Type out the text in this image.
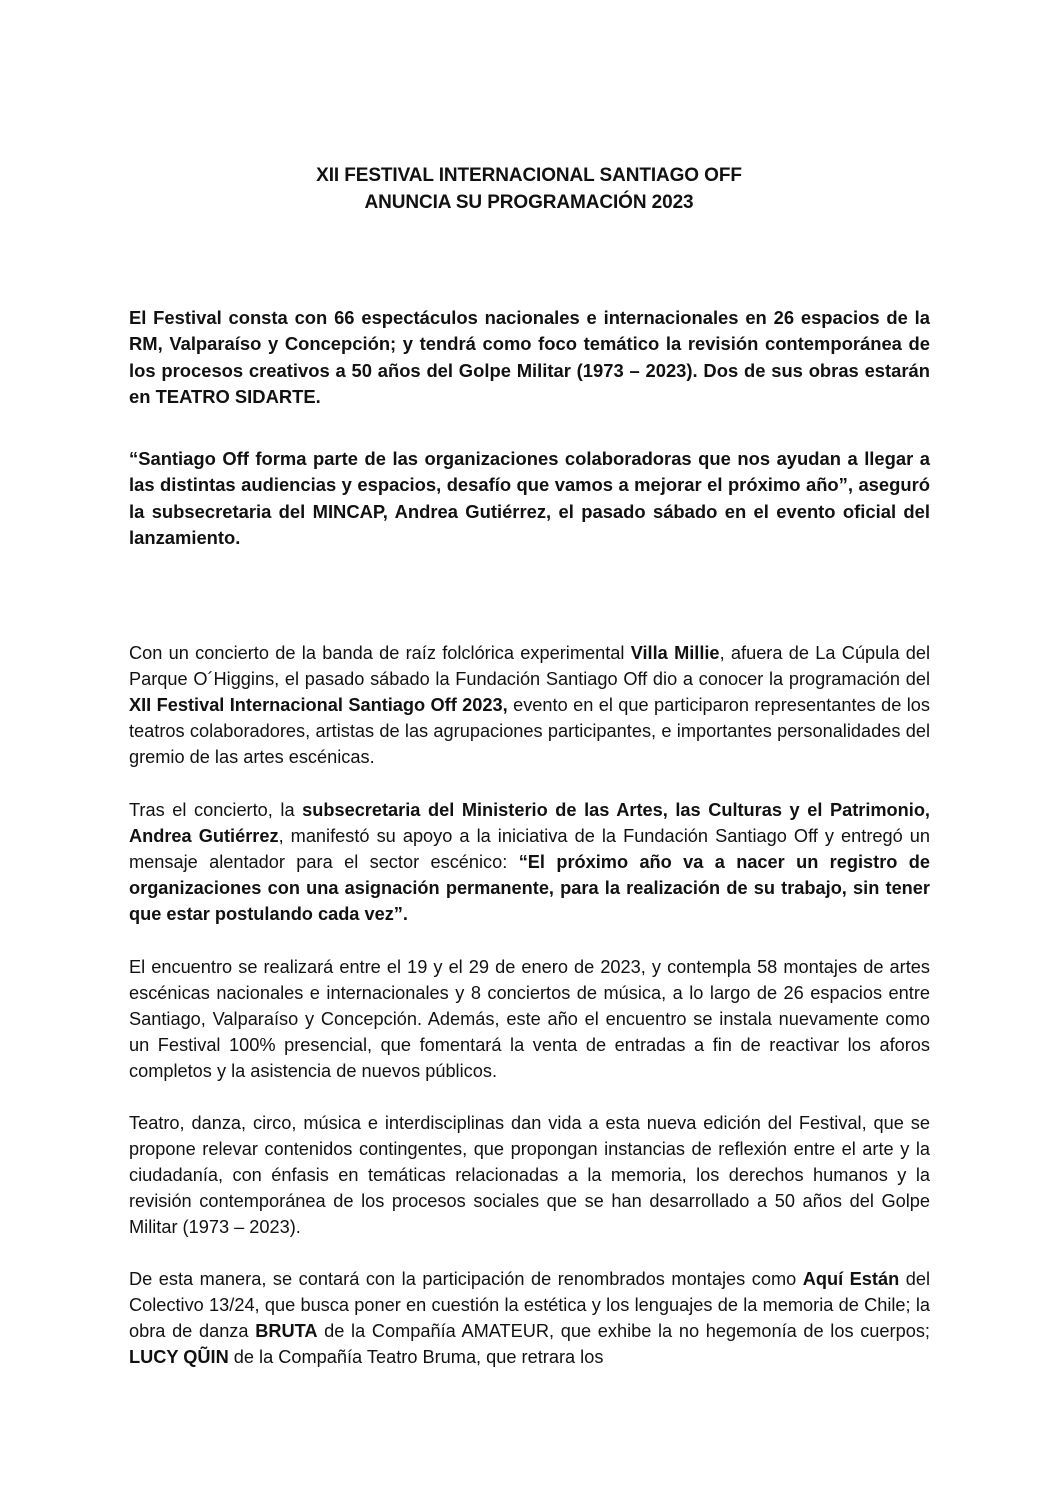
XII FESTIVAL INTERNACIONAL SANTIAGO OFF
ANUNCIA SU PROGRAMACIÓN 2023

El Festival consta con 66 espectáculos nacionales e internacionales en 26 espacios de la RM, Valparaíso y Concepción; y tendrá como foco temático la revisión contemporánea de los procesos creativos a 50 años del Golpe Militar (1973 – 2023). Dos de sus obras estarán en TEATRO SIDARTE.

“Santiago Off forma parte de las organizaciones colaboradoras que nos ayudan a llegar a las distintas audiencias y espacios, desafío que vamos a mejorar el próximo año”, aseguró la subsecretaria del MINCAP, Andrea Gutiérrez, el pasado sábado en el evento oficial del lanzamiento.

Con un concierto de la banda de raíz folclórica experimental Villa Millie, afuera de La Cúpula del Parque O´Higgins, el pasado sábado la Fundación Santiago Off dio a conocer la programación del XII Festival Internacional Santiago Off 2023, evento en el que participaron representantes de los teatros colaboradores, artistas de las agrupaciones participantes, e importantes personalidades del gremio de las artes escénicas.

Tras el concierto, la subsecretaria del Ministerio de las Artes, las Culturas y el Patrimonio, Andrea Gutiérrez, manifestó su apoyo a la iniciativa de la Fundación Santiago Off y entregó un mensaje alentador para el sector escénico: “El próximo año va a nacer un registro de organizaciones con una asignación permanente, para la realización de su trabajo, sin tener que estar postulando cada vez”.

El encuentro se realizará entre el 19 y el 29 de enero de 2023, y contempla 58 montajes de artes escénicas nacionales e internacionales y 8 conciertos de música, a lo largo de 26 espacios entre Santiago, Valparaíso y Concepción. Además, este año el encuentro se instala nuevamente como un Festival 100% presencial, que fomentará la venta de entradas a fin de reactivar los aforos completos y la asistencia de nuevos públicos.

Teatro, danza, circo, música e interdisciplinas dan vida a esta nueva edición del Festival, que se propone relevar contenidos contingentes, que propongan instancias de reflexión entre el arte y la ciudadanía, con énfasis en temáticas relacionadas a la memoria, los derechos humanos y la revisión contemporánea de los procesos sociales que se han desarrollado a 50 años del Golpe Militar (1973 – 2023).

De esta manera, se contará con la participación de renombrados montajes como Aquí Están del Colectivo 13/24, que busca poner en cuestión la estética y los lenguajes de la memoria de Chile; la obra de danza BRUTA de la Compañía AMATEUR, que exhibe la no hegemonía de los cuerpos; LUCY QŨIN de la Compañía Teatro Bruma, que retrara los
